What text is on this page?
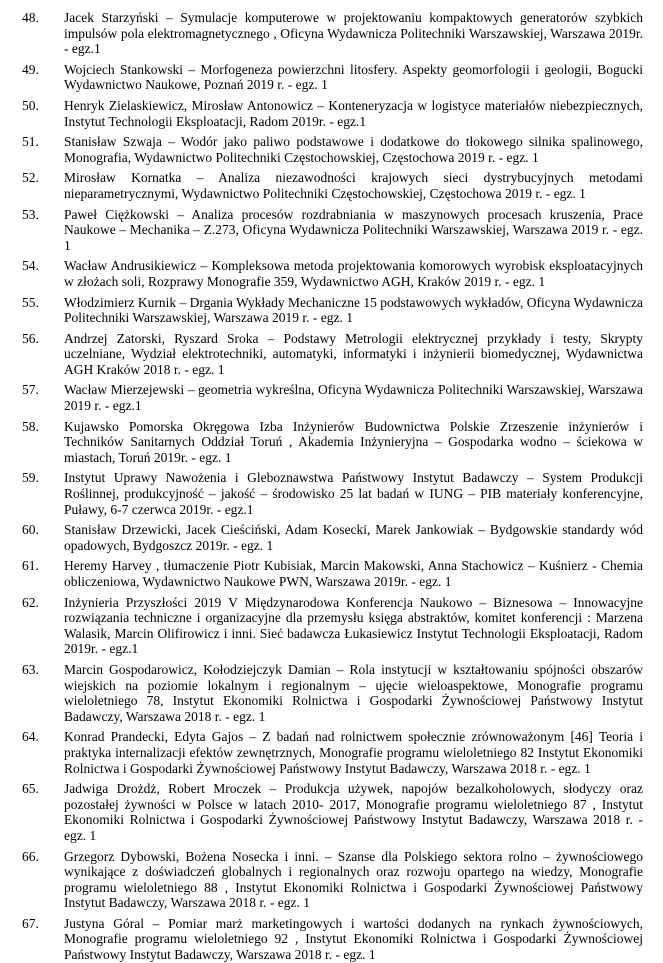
48.	Jacek Starzyński – Symulacje komputerowe w projektowaniu kompaktowych generatorów szybkich impulsów pola elektromagnetycznego , Oficyna Wydawnicza Politechniki Warszawskiej, Warszawa 2019r. - egz.1
49.	Wojciech Stankowski – Morfogeneza powierzchni litosfery. Aspekty geomorfologii i geologii, Bogucki Wydawnictwo Naukowe, Poznań 2019 r. - egz. 1
50.	Henryk Zielaskiewicz, Mirosław Antonowicz – Konteneryzacja w logistyce materiałów niebezpiecznych, Instytut Technologii Eksploatacji, Radom 2019r. - egz.1
51.	Stanisław Szwaja – Wodór jako paliwo podstawowe i dodatkowe do tłokowego silnika spalinowego, Monografia, Wydawnictwo Politechniki Częstochowskiej, Częstochowa 2019 r. - egz. 1
52.	Mirosław Kornatka – Analiza niezawodności krajowych sieci dystrybucyjnych metodami nieparametrycznymi, Wydawnictwo Politechniki Częstochowskiej, Częstochowa 2019 r. - egz. 1
53.	Paweł Ciężkowski – Analiza procesów rozdrabniania w maszynowych procesach kruszenia, Prace Naukowe – Mechanika – Z.273, Oficyna Wydawnicza Politechniki Warszawskiej, Warszawa 2019 r. - egz. 1
54.	Wacław Andrusikiewicz – Kompleksowa metoda projektowania komorowych wyrobisk eksploatacyjnych w złożach soli, Rozprawy Monografie 359, Wydawnictwo AGH, Kraków 2019 r. - egz. 1
55.	Włodzimierz Kurnik – Drgania Wykłady Mechaniczne 15 podstawowych wykładów, Oficyna Wydawnicza Politechniki Warszawskiej, Warszawa 2019 r. - egz. 1
56.	Andrzej Zatorski, Ryszard Sroka – Podstawy Metrologii elektrycznej przykłady i testy, Skrypty uczelniane, Wydział elektrotechniki, automatyki, informatyki i inżynierii biomedycznej, Wydawnictwa AGH Kraków 2018 r. - egz. 1
57.	Wacław Mierzejewski – geometria wykreślna, Oficyna Wydawnicza Politechniki Warszawskiej, Warszawa 2019 r. - egz.1
58.	Kujawsko Pomorska Okręgowa Izba Inżynierów Budownictwa Polskie Zrzeszenie inżynierów i Techników Sanitarnych Oddział Toruń , Akademia Inżynieryjna – Gospodarka wodno – ściekowa w miastach, Toruń 2019r. - egz. 1
59.	Instytut Uprawy Nawożenia i Gleboznawstwa Państwowy Instytut Badawczy – System Produkcji Roślinnej, produkcyjność – jakość – środowisko 25 lat badań w IUNG – PIB materiały konferencyjne, Puławy, 6-7 czerwca 2019r. - egz.1
60.	Stanisław Drzewicki, Jacek Cieściński, Adam Kosecki, Marek Jankowiak – Bydgowskie standardy wód opadowych, Bydgoszcz 2019r. - egz. 1
61.	Heremy Harvey , tłumaczenie Piotr Kubisiak, Marcin Makowski, Anna Stachowicz – Kuśnierz - Chemia obliczeniowa, Wydawnictwo Naukowe PWN, Warszawa 2019r. - egz. 1
62.	Inżynieria Przyszłości 2019 V Międzynarodowa Konferencja Naukowo – Biznesowa – Innowacyjne rozwiązania techniczne i organizacyjne dla przemysłu księga abstraktów, komitet konferencji : Marzena Walasik, Marcin Olifirowicz i inni. Sieć badawcza Łukasiewicz Instytut Technologii Eksploatacji, Radom 2019r. - egz.1
63.	Marcin Gospodarowicz, Kołodziejczyk Damian – Rola instytucji w kształtowaniu spójności obszarów wiejskich na poziomie lokalnym i regionalnym – ujęcie wieloaspektowe, Monografie programu wieloletniego 78, Instytut Ekonomiki Rolnictwa i Gospodarki Żywnościowej Państwowy Instytut Badawczy, Warszawa 2018 r. - egz. 1
64.	Konrad Prandecki, Edyta Gajos – Z badań nad rolnictwem społecznie zrównoważonym [46] Teoria i praktyka internalizacji efektów zewnętrznych, Monografie programu wieloletniego 82 Instytut Ekonomiki Rolnictwa i Gospodarki Żywnościowej Państwowy Instytut Badawczy, Warszawa 2018 r. - egz. 1
65.	Jadwiga Drożdż, Robert Mroczek – Produkcja używek, napojów bezalkoholowych, słodyczy oraz pozostałej żywności w Polsce w latach 2010- 2017, Monografie programu wieloletniego 87 , Instytut Ekonomiki Rolnictwa i Gospodarki Żywnościowej Państwowy Instytut Badawczy, Warszawa 2018 r. - egz. 1
66.	Grzegorz Dybowski, Bożena Nosecka i inni. – Szanse dla Polskiego sektora rolno – żywnościowego wynikające z doświadczeń globalnych i regionalnych oraz rozwoju opartego na wiedzy, Monografie programu wieloletniego 88 , Instytut Ekonomiki Rolnictwa i Gospodarki Żywnościowej Państwowy Instytut Badawczy, Warszawa 2018 r. - egz. 1
67.	Justyna Góral – Pomiar marż marketingowych i wartości dodanych na rynkach żywnościowych, Monografie programu wieloletniego 92 , Instytut Ekonomiki Rolnictwa i Gospodarki Żywnościowej Państwowy Instytut Badawczy, Warszawa 2018 r. - egz. 1
